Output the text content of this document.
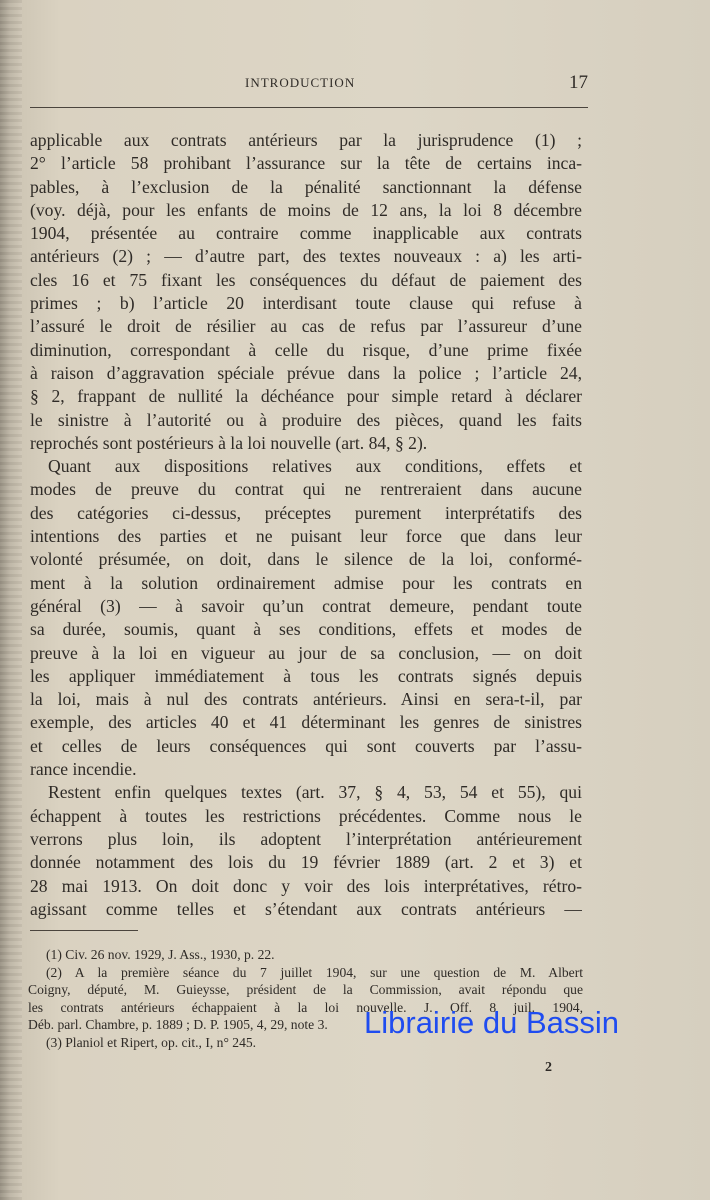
INTRODUCTION	17
applicable aux contrats antérieurs par la jurisprudence (1) ;
2° l’article 58 prohibant l’assurance sur la tête de certains inca-
pables, à l’exclusion de la pénalité sanctionnant la défense
(voy. déjà, pour les enfants de moins de 12 ans, la loi 8 décembre
1904, présentée au contraire comme inapplicable aux contrats
antérieurs (2) ; — d’autre part, des textes nouveaux : a) les arti-
cles 16 et 75 fixant les conséquences du défaut de paiement des
primes ; b) l’article 20 interdisant toute clause qui refuse à
l’assuré le droit de résilier au cas de refus par l’assureur d’une
diminution, correspondant à celle du risque, d’une prime fixée
à raison d’aggravation spéciale prévue dans la police ; l’article 24,
§ 2, frappant de nullité la déchéance pour simple retard à déclarer
le sinistre à l’autorité ou à produire des pièces, quand les faits
reprochés sont postérieurs à la loi nouvelle (art. 84, § 2).
Quant aux dispositions relatives aux conditions, effets et
modes de preuve du contrat qui ne rentreraient dans aucune
des catégories ci-dessus, préceptes purement interprétatifs des
intentions des parties et ne puisant leur force que dans leur
volonté présumée, on doit, dans le silence de la loi, conformé-
ment à la solution ordinairement admise pour les contrats en
général (3) — à savoir qu’un contrat demeure, pendant toute
sa durée, soumis, quant à ses conditions, effets et modes de
preuve à la loi en vigueur au jour de sa conclusion, — on doit
les appliquer immédiatement à tous les contrats signés depuis
la loi, mais à nul des contrats antérieurs. Ainsi en sera-t-il, par
exemple, des articles 40 et 41 déterminant les genres de sinistres
et celles de leurs conséquences qui sont couverts par l’assu-
rance incendie.
Restent enfin quelques textes (art. 37, § 4, 53, 54 et 55), qui
échappent à toutes les restrictions précédentes. Comme nous le
verrons plus loin, ils adoptent l’interprétation antérieurement
donnée notamment des lois du 19 février 1889 (art. 2 et 3) et
28 mai 1913. On doit donc y voir des lois interprétatives, rétro-
agissant comme telles et s’étendant aux contrats antérieurs —
(1) Civ. 26 nov. 1929, J. Ass., 1930, p. 22.
(2) A la première séance du 7 juillet 1904, sur une question de M. Albert
Coigny, député, M. Guieysse, président de la Commission, avait répondu que
les contrats antérieurs échappaient à la loi nouvelle. J. Off. 8 juil. 1904,
Déb. parl. Chambre, p. 1889 ; D. P. 1905, 4, 29, note 3.
(3) Planiol et Ripert, op. cit., I, n° 245.
Librairie du Bassin
2
